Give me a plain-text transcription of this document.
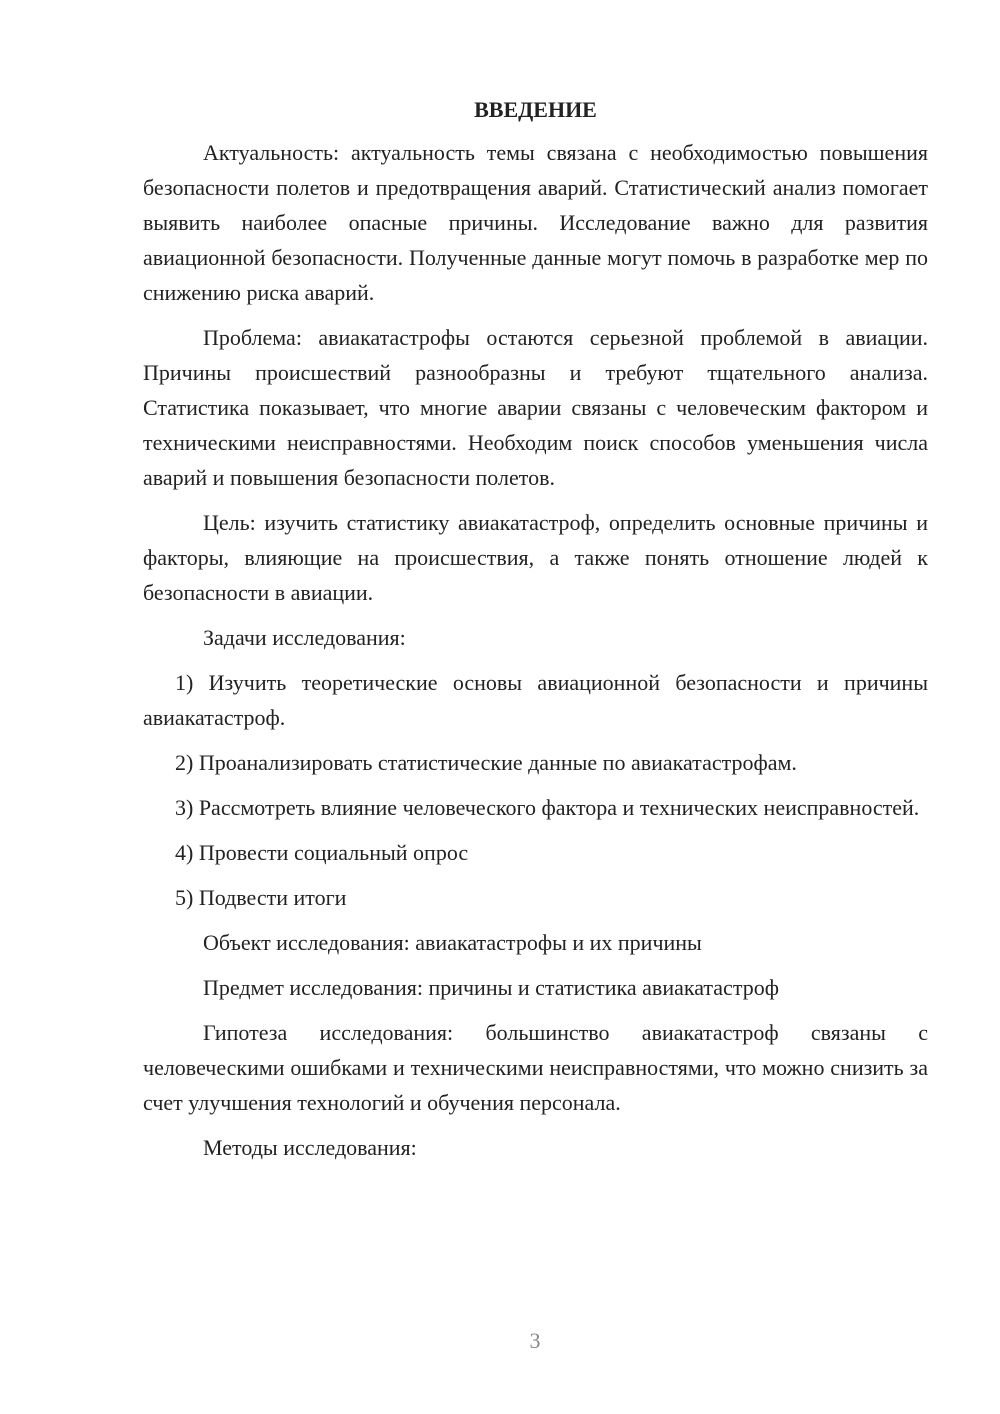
ВВЕДЕНИЕ
Актуальность: актуальность темы связана с необходимостью повышения безопасности полетов и предотвращения аварий. Статистический анализ помогает выявить наиболее опасные причины. Исследование важно для развития авиационной безопасности. Полученные данные могут помочь в разработке мер по снижению риска аварий.
Проблема: авиакатастрофы остаются серьезной проблемой в авиации. Причины происшествий разнообразны и требуют тщательного анализа. Статистика показывает, что многие аварии связаны с человеческим фактором и техническими неисправностями. Необходим поиск способов уменьшения числа аварий и повышения безопасности полетов.
Цель: изучить статистику авиакатастроф, определить основные причины и факторы, влияющие на происшествия, а также понять отношение людей к безопасности в авиации.
Задачи исследования:
1) Изучить теоретические основы авиационной безопасности и причины авиакатастроф.
2) Проанализировать статистические данные по авиакатастрофам.
3) Рассмотреть влияние человеческого фактора и технических неисправностей.
4) Провести социальный опрос
5) Подвести итоги
Объект исследования: авиакатастрофы и их причины
Предмет исследования: причины и статистика авиакатастроф
Гипотеза исследования: большинство авиакатастроф связаны с человеческими ошибками и техническими неисправностями, что можно снизить за счет улучшения технологий и обучения персонала.
Методы исследования:
3
